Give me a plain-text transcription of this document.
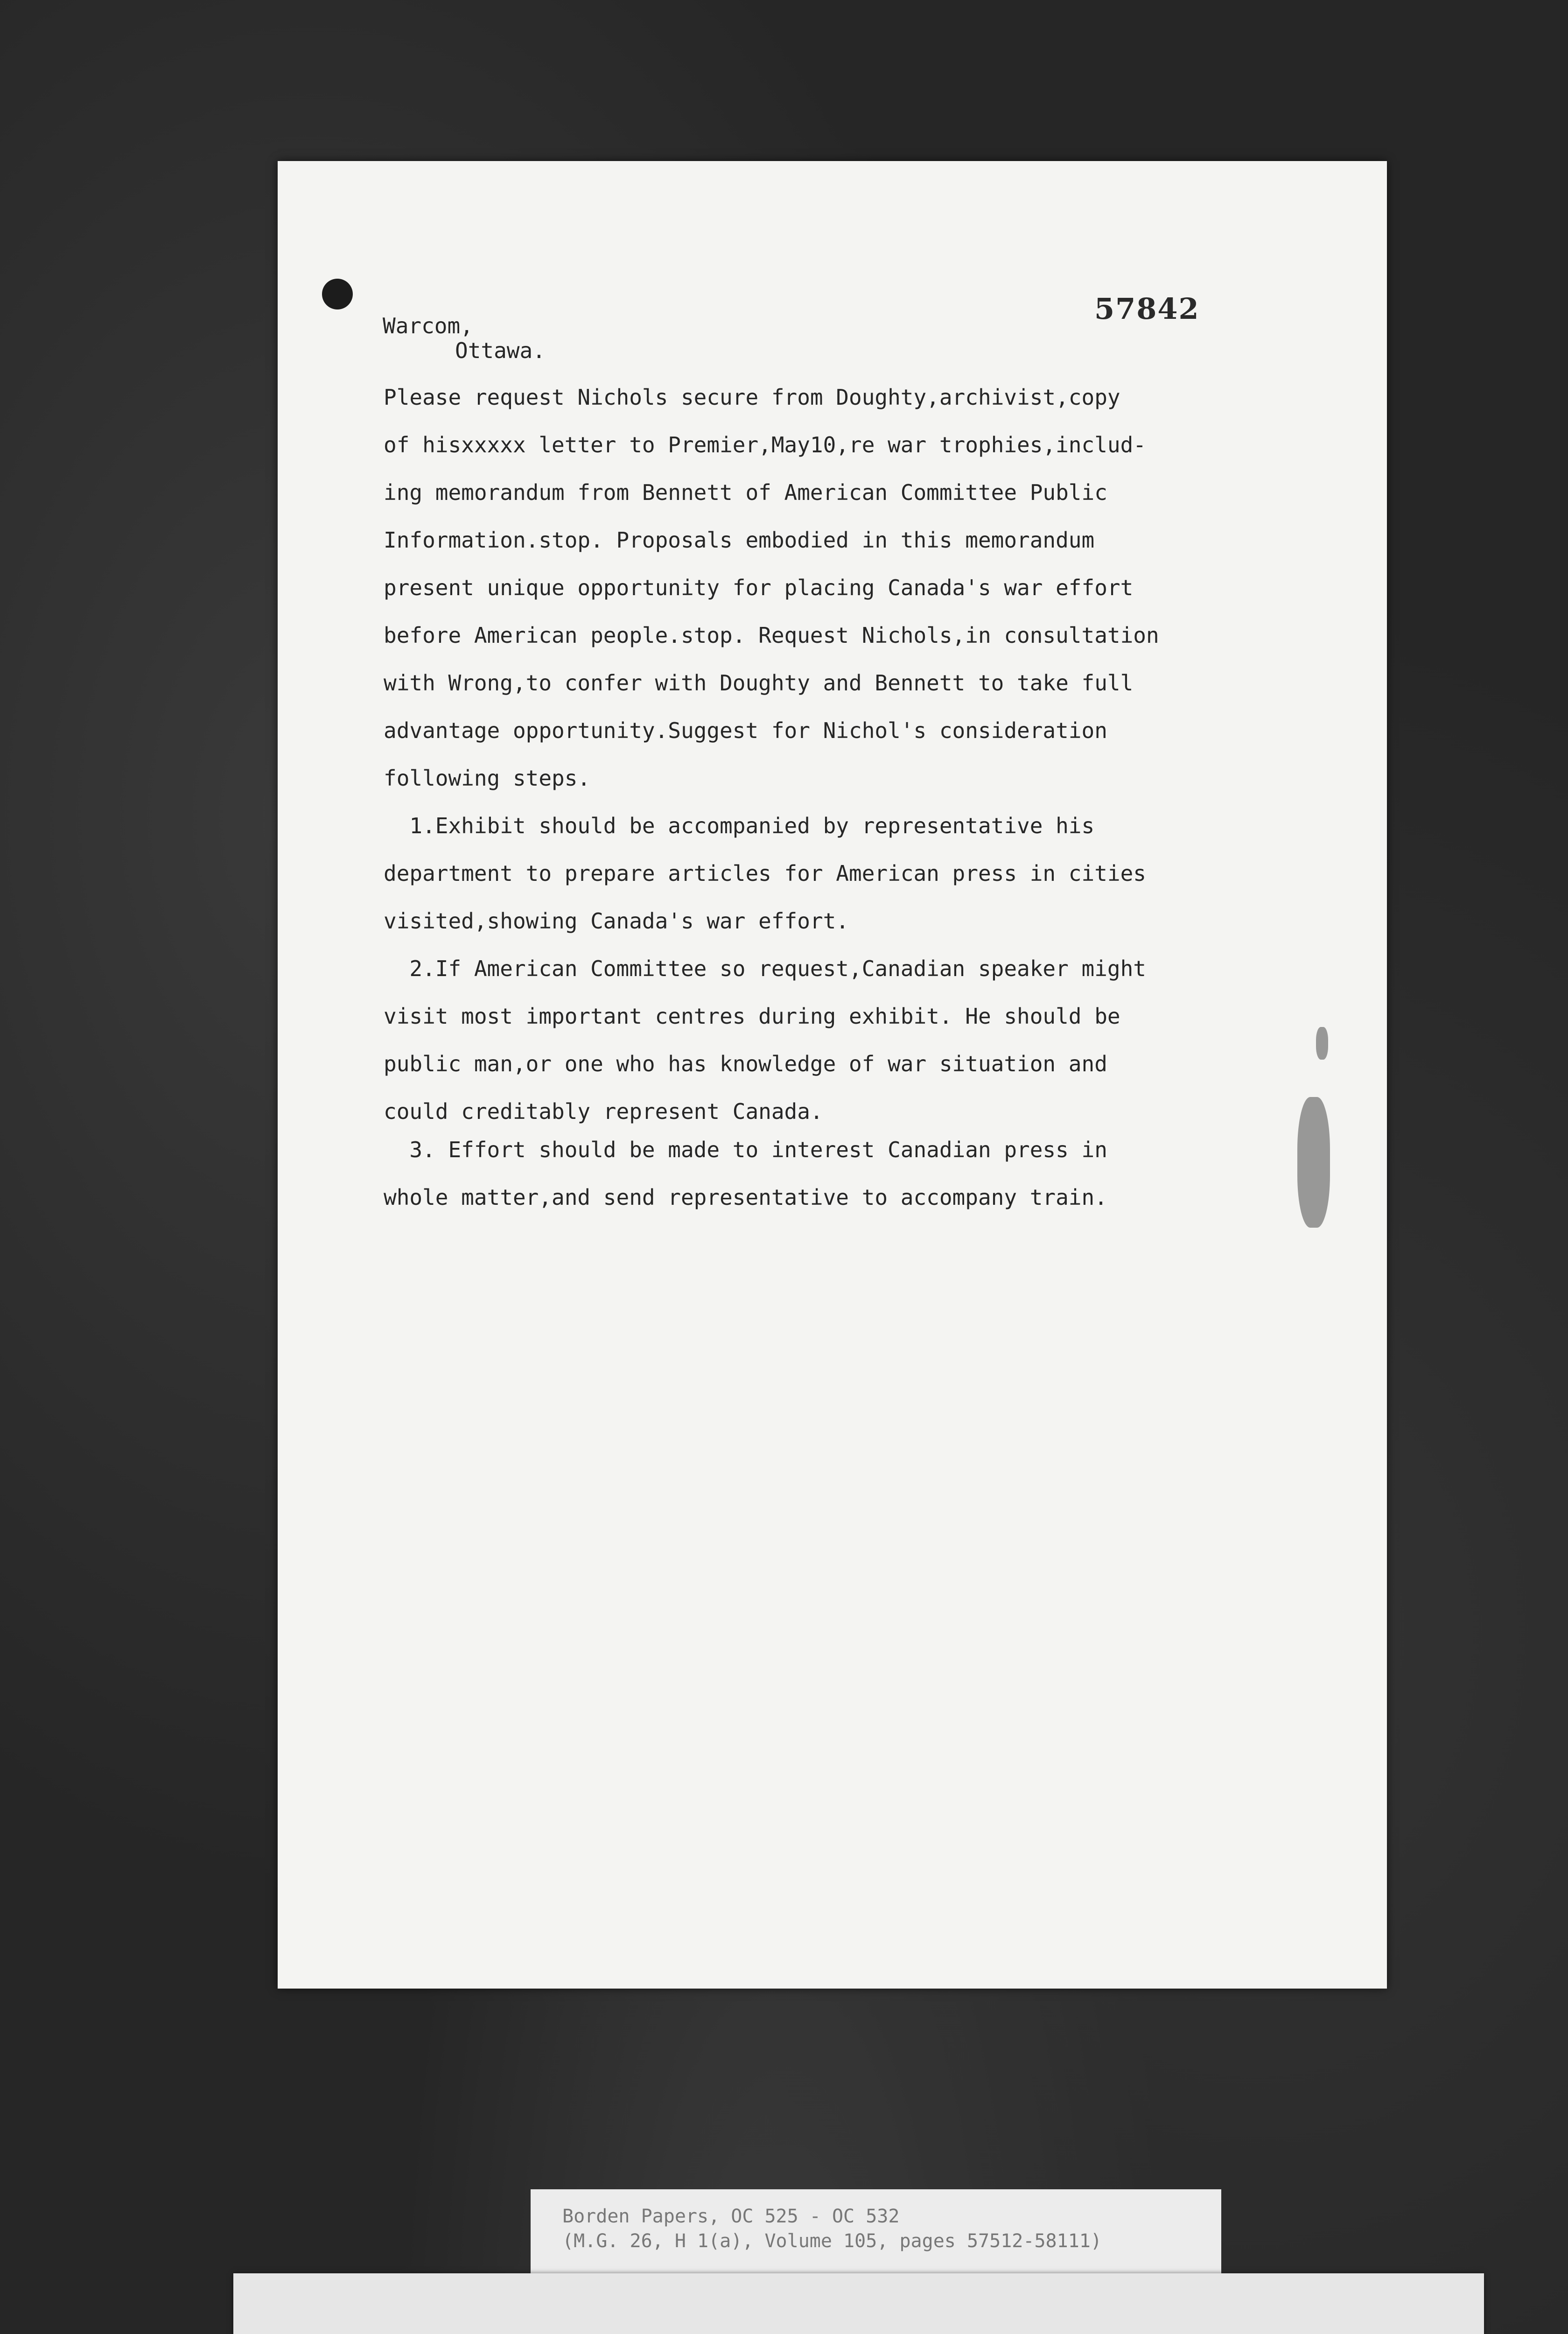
57842
Warcom,
Ottawa.
Please request Nichols secure from Doughty,archivist,copy
of hisxxxxx letter to Premier,May10,re war trophies,includ-
ing memorandum from Bennett of American Committee Public
Information.stop. Proposals embodied in this memorandum
present unique opportunity for placing Canada's war effort
before American people.stop. Request Nichols,in consultation
with Wrong,to confer with Doughty and Bennett to take full
advantage opportunity.Suggest for Nichol's consideration
following steps.
1.Exhibit should be accompanied by representative his
department to prepare articles for American press in cities
visited,showing Canada's war effort.
2.If American Committee so request,Canadian speaker might
visit most important centres during exhibit. He should be
public man,or one who has knowledge of war situation and
could creditably represent Canada.
3. Effort should be made to interest Canadian press in
whole matter,and send representative to accompany train.
Borden Papers, OC 525 - OC 532
(M.G. 26, H 1(a), Volume 105, pages 57512-58111)
